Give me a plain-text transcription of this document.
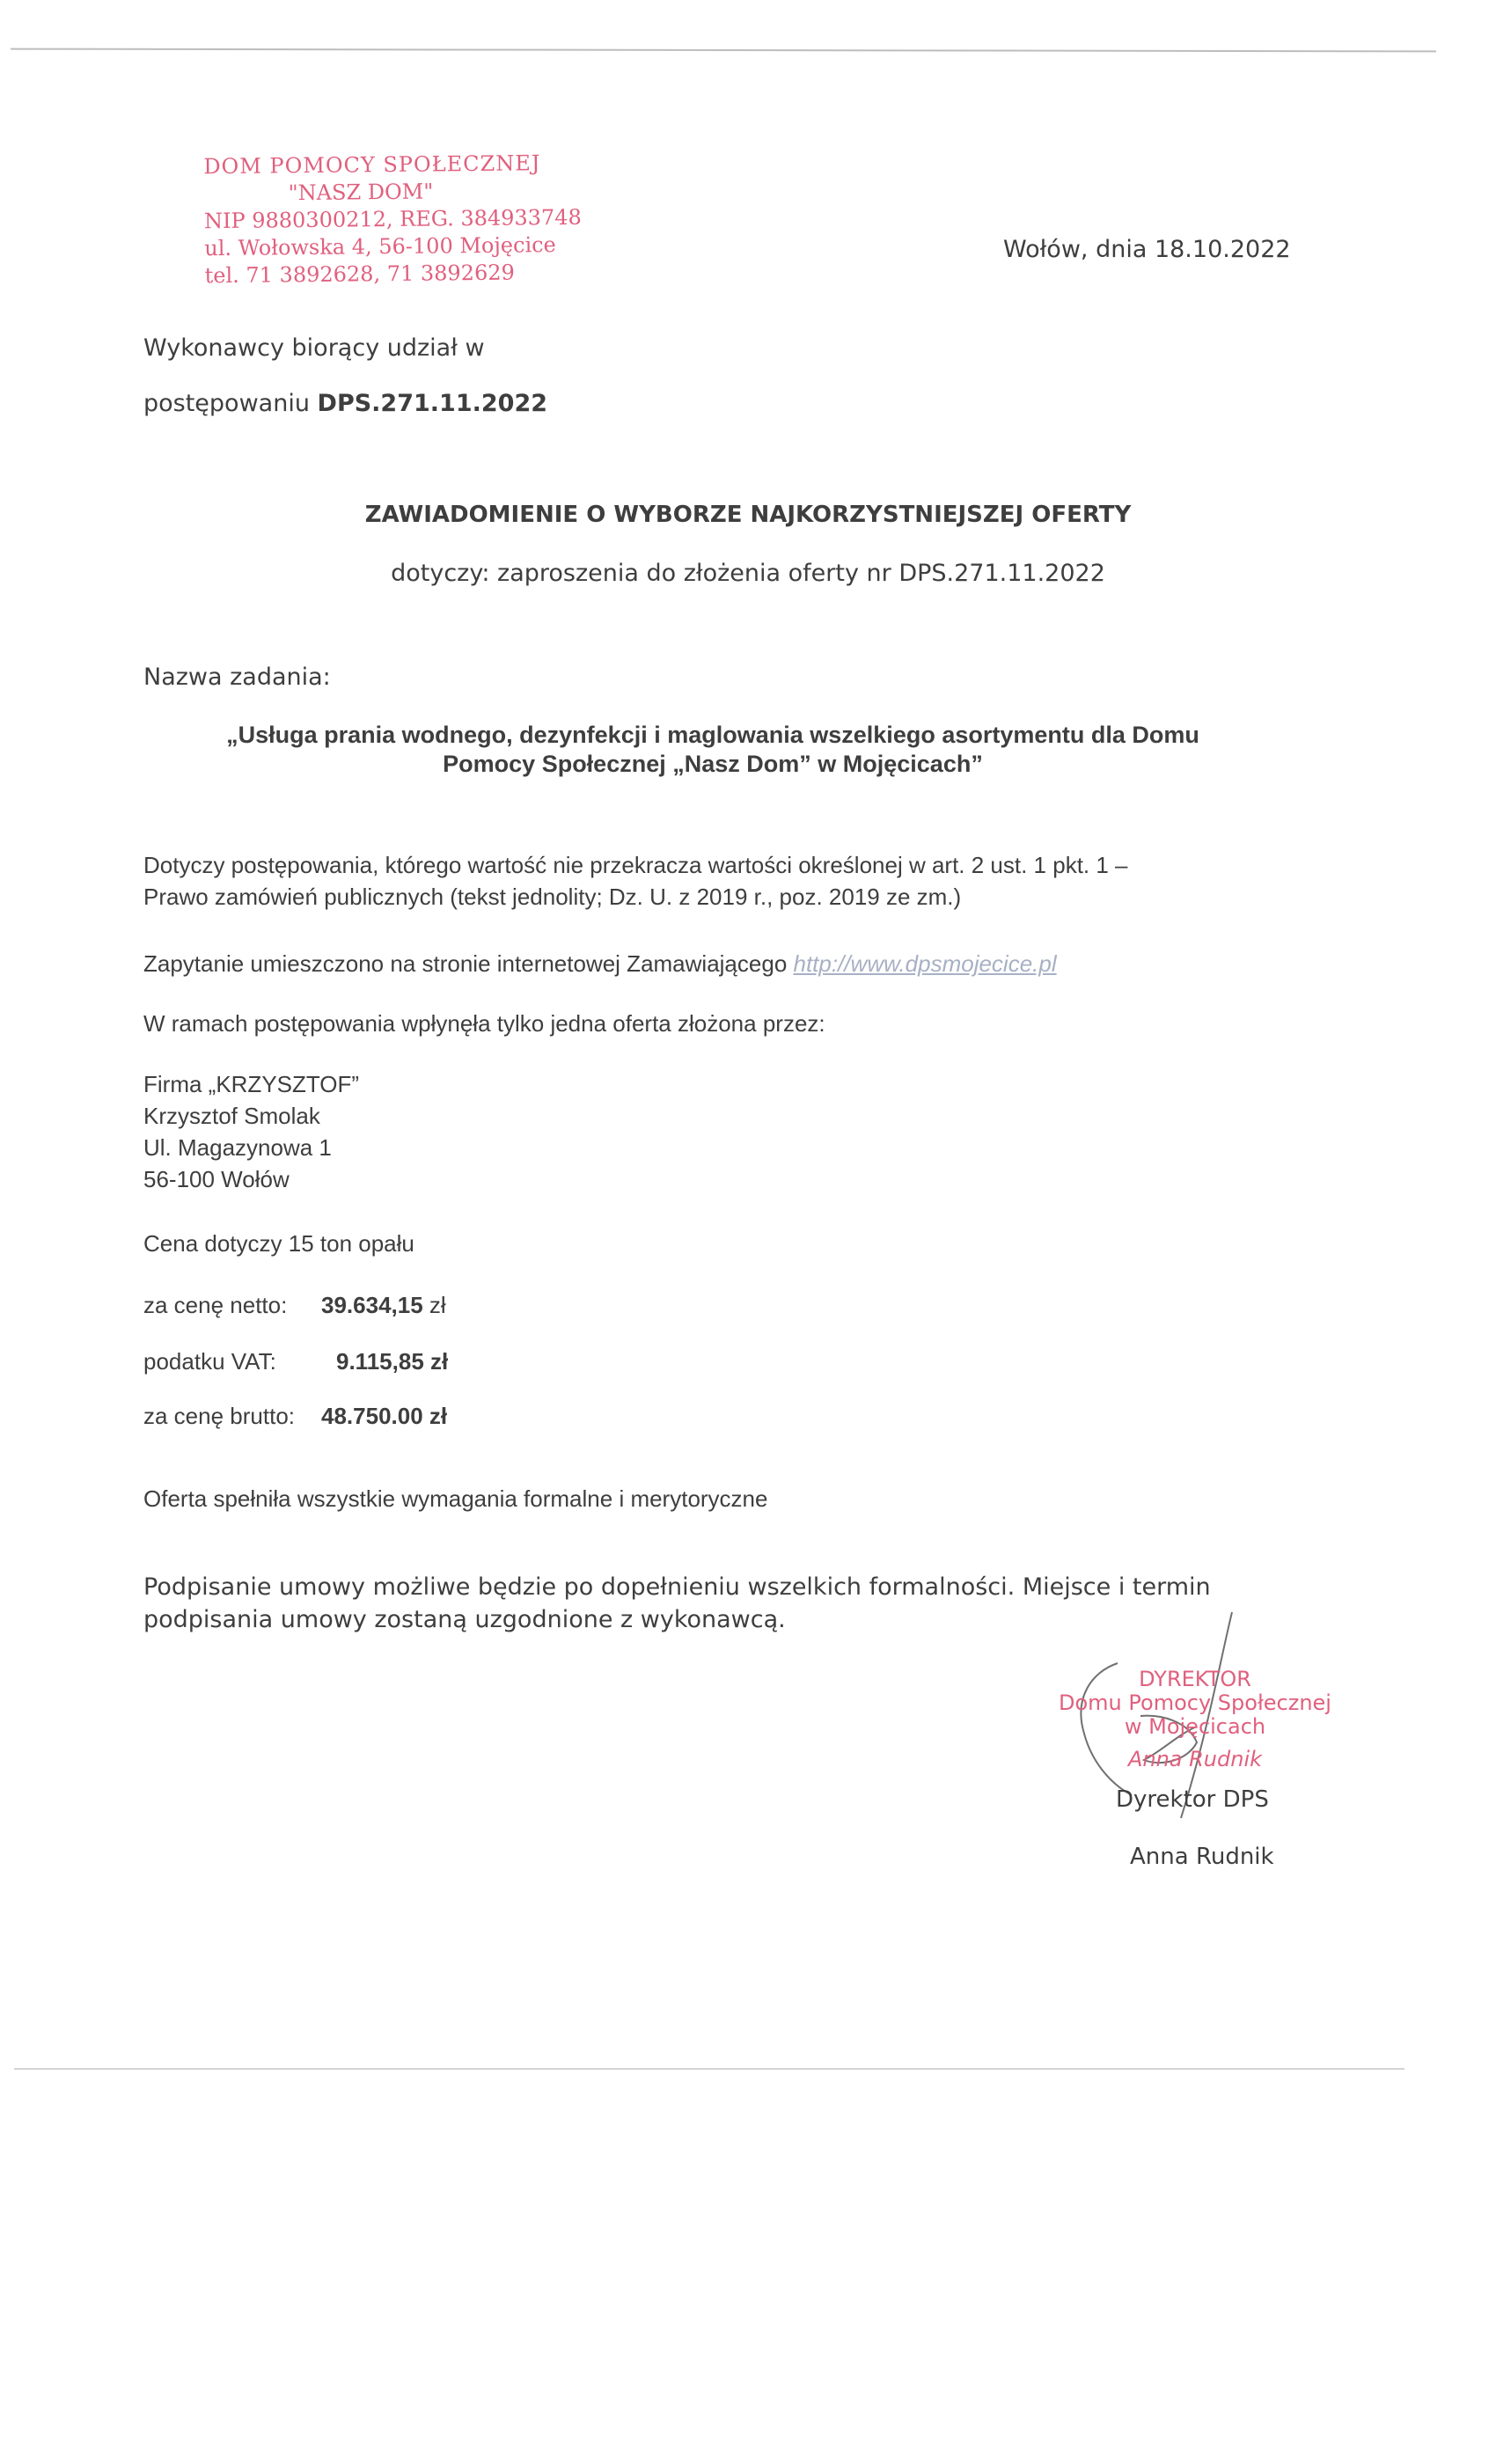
DOM POMOCY SPOŁECZNEJ
"NASZ DOM"
NIP 9880300212, REG. 384933748
ul. Wołowska 4, 56-100 Mojęcice
tel. 71 3892628, 71 3892629
Wołów, dnia 18.10.2022
Wykonawcy biorący udział w
postępowaniu DPS.271.11.2022
ZAWIADOMIENIE O WYBORZE NAJKORZYSTNIEJSZEJ OFERTY
dotyczy: zaproszenia do złożenia oferty nr DPS.271.11.2022
Nazwa zadania:
„Usługa prania wodnego, dezynfekcji i maglowania wszelkiego asortymentu dla Domu
Pomocy Społecznej „Nasz Dom” w Mojęcicach”
Dotyczy postępowania, którego wartość nie przekracza wartości określonej w art. 2 ust. 1 pkt. 1 –
Prawo zamówień publicznych (tekst jednolity; Dz. U. z 2019 r., poz. 2019 ze zm.)
Zapytanie umieszczono na stronie internetowej Zamawiającego http://www.dpsmojecice.pl
W ramach postępowania wpłynęła tylko jedna oferta złożona przez:
Firma „KRZYSZTOF”
Krzysztof Smolak
Ul. Magazynowa 1
56-100 Wołów
Cena dotyczy 15 ton opału
za cenę netto: 39.634,15 zł
podatku VAT:	9.115,85 zł
za cenę brutto: 48.750.00 zł
Oferta spełniła wszystkie wymagania formalne i merytoryczne
Podpisanie umowy możliwe będzie po dopełnieniu wszelkich formalności. Miejsce i termin
podpisania umowy zostaną uzgodnione z wykonawcą.
DYREKTOR
Domu Pomocy Społecznej
w Mojęcicach
Anna Rudnik
Dyrektor DPS
Anna Rudnik
